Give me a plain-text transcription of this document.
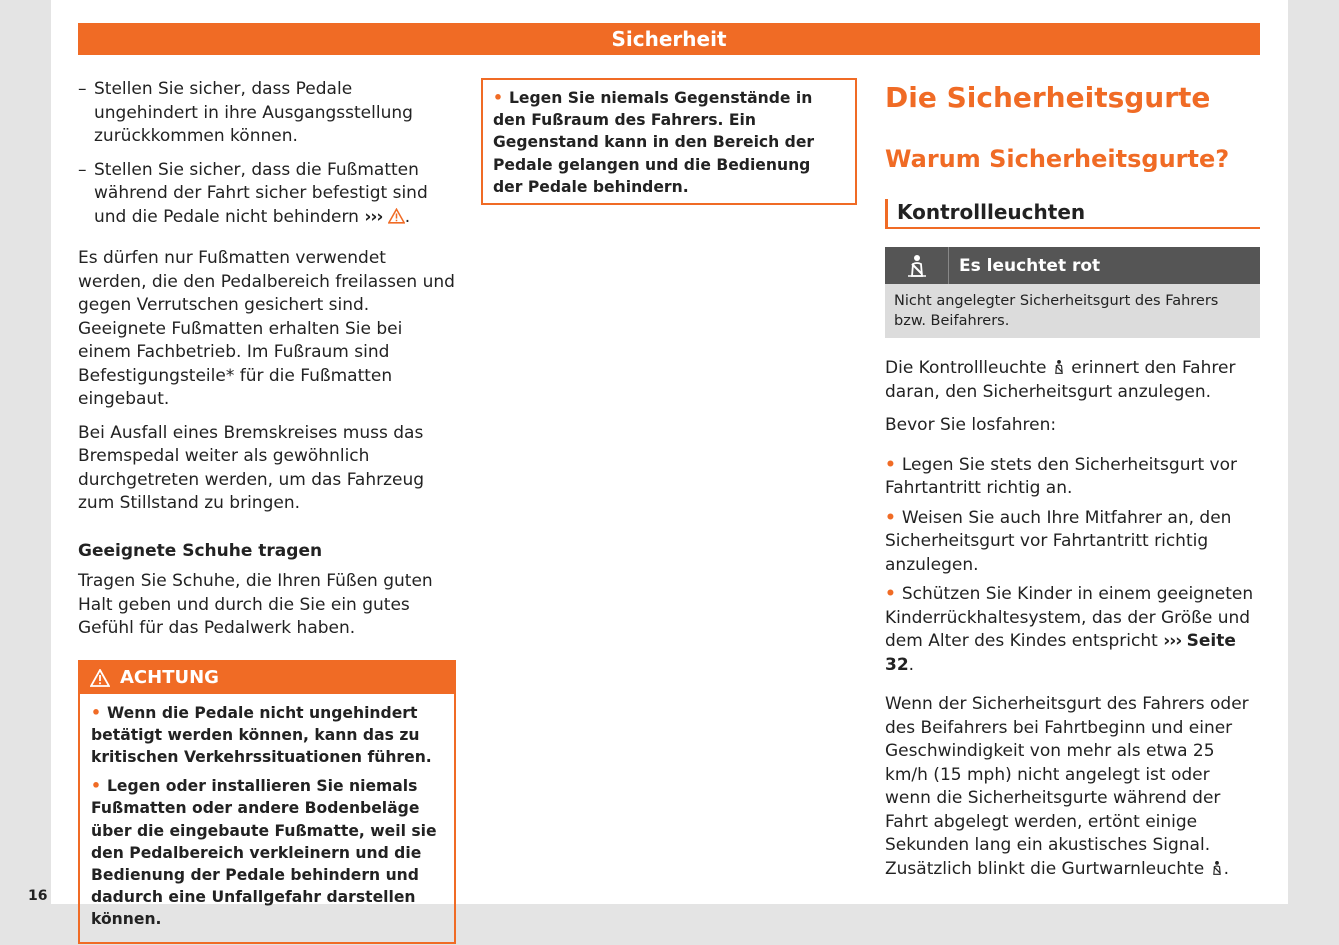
Sicherheit
16

– Stellen Sie sicher, dass Pedale ungehindert in ihre Ausgangsstellung zurückkommen können.

– Stellen Sie sicher, dass die Fußmatten während der Fahrt sicher befestigt sind und die Pedale nicht behindern ››› .

Es dürfen nur Fußmatten verwendet werden, die den Pedalbereich freilassen und gegen Verrutschen gesichert sind. Geeignete Fußmatten erhalten Sie bei einem Fachbetrieb. Im Fußraum sind Befestigungsteile* für die Fußmatten eingebaut.

Bei Ausfall eines Bremskreises muss das Bremspedal weiter als gewöhnlich durchgetreten werden, um das Fahrzeug zum Stillstand zu bringen.

Geeignete Schuhe tragen

Tragen Sie Schuhe, die Ihren Füßen guten Halt geben und durch die Sie ein gutes Gefühl für das Pedalwerk haben.

ACHTUNG

• Wenn die Pedale nicht ungehindert betätigt werden können, kann das zu kritischen Verkehrssituationen führen.

• Legen oder installieren Sie niemals Fußmatten oder andere Bodenbeläge über die eingebaute Fußmatte, weil sie den Pedalbereich verkleinern und die Bedienung der Pedale behindern und dadurch eine Unfallgefahr darstellen können.

• Legen Sie niemals Gegenstände in den Fußraum des Fahrers. Ein Gegenstand kann in den Bereich der Pedale gelangen und die Bedienung der Pedale behindern.

Die Sicherheitsgurte
Warum Sicherheitsgurte?
Kontrollleuchten
Es leuchtet rot
Nicht angelegter Sicherheitsgurt des Fahrers bzw. Beifahrers.

Die Kontrollleuchte erinnert den Fahrer daran, den Sicherheitsgurt anzulegen.

Bevor Sie losfahren:

• Legen Sie stets den Sicherheitsgurt vor Fahrtantritt richtig an.

• Weisen Sie auch Ihre Mitfahrer an, den Sicherheitsgurt vor Fahrtantritt richtig anzulegen.

• Schützen Sie Kinder in einem geeigneten Kinderrückhaltesystem, das der Größe und dem Alter des Kindes entspricht ››› Seite 32.

Wenn der Sicherheitsgurt des Fahrers oder des Beifahrers bei Fahrtbeginn und einer Geschwindigkeit von mehr als etwa 25 km/h (15 mph) nicht angelegt ist oder wenn die Sicherheitsgurte während der Fahrt abgelegt werden, ertönt einige Sekunden lang ein akustisches Signal. Zusätzlich blinkt die Gurtwarnleuchte .
